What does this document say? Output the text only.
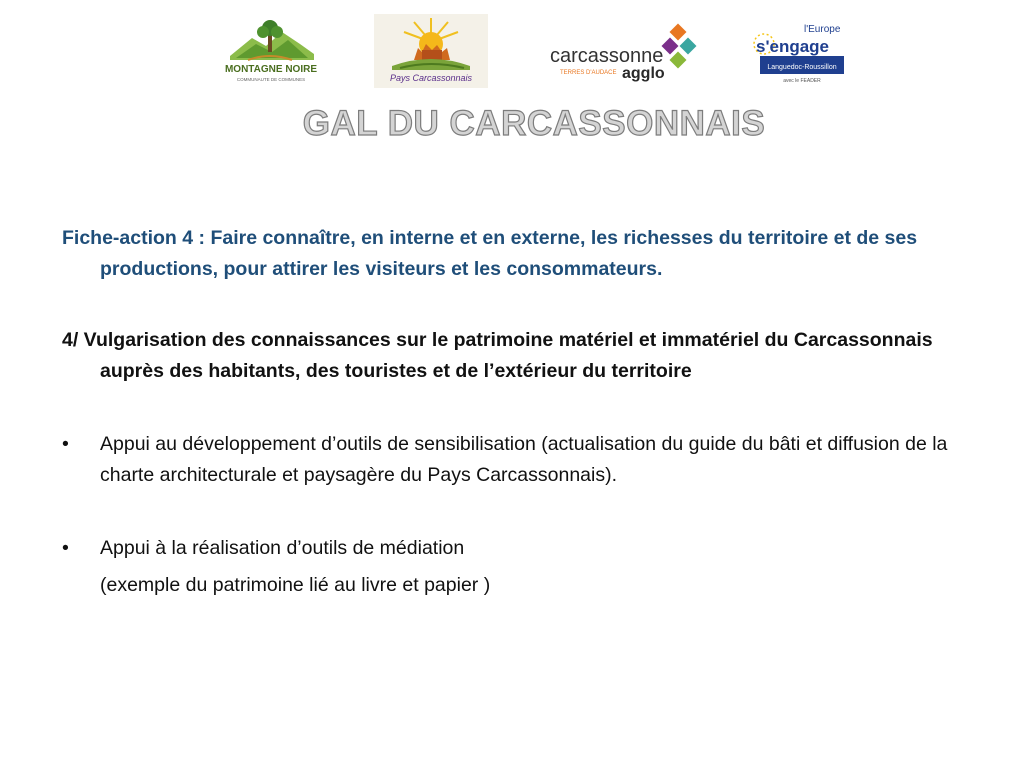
MONTAGNE NOIRE
COMMUNAUTE DE COMMUNES	Pays Carcassonnais
carcassonne
TERRES D'AUDACE agglo
l'Europe
s'engage
Languedoc-Roussillon
avec le FEADER
GAL DU CARCASSONNAIS

Fiche-action 4 : Faire connaître, en interne et en externe, les richesses du territoire et de ses productions, pour attirer les visiteurs et les consommateurs.

4/ Vulgarisation des connaissances sur le patrimoine matériel et immatériel du Carcassonnais auprès des habitants, des touristes et de l’extérieur du territoire

•	Appui au développement d’outils de sensibilisation (actualisation du guide du bâti et diffusion de la charte architecturale et paysagère du Pays Carcassonnais).
•	Appui à la réalisation d’outils de médiation
(exemple du patrimoine lié au livre et papier )
